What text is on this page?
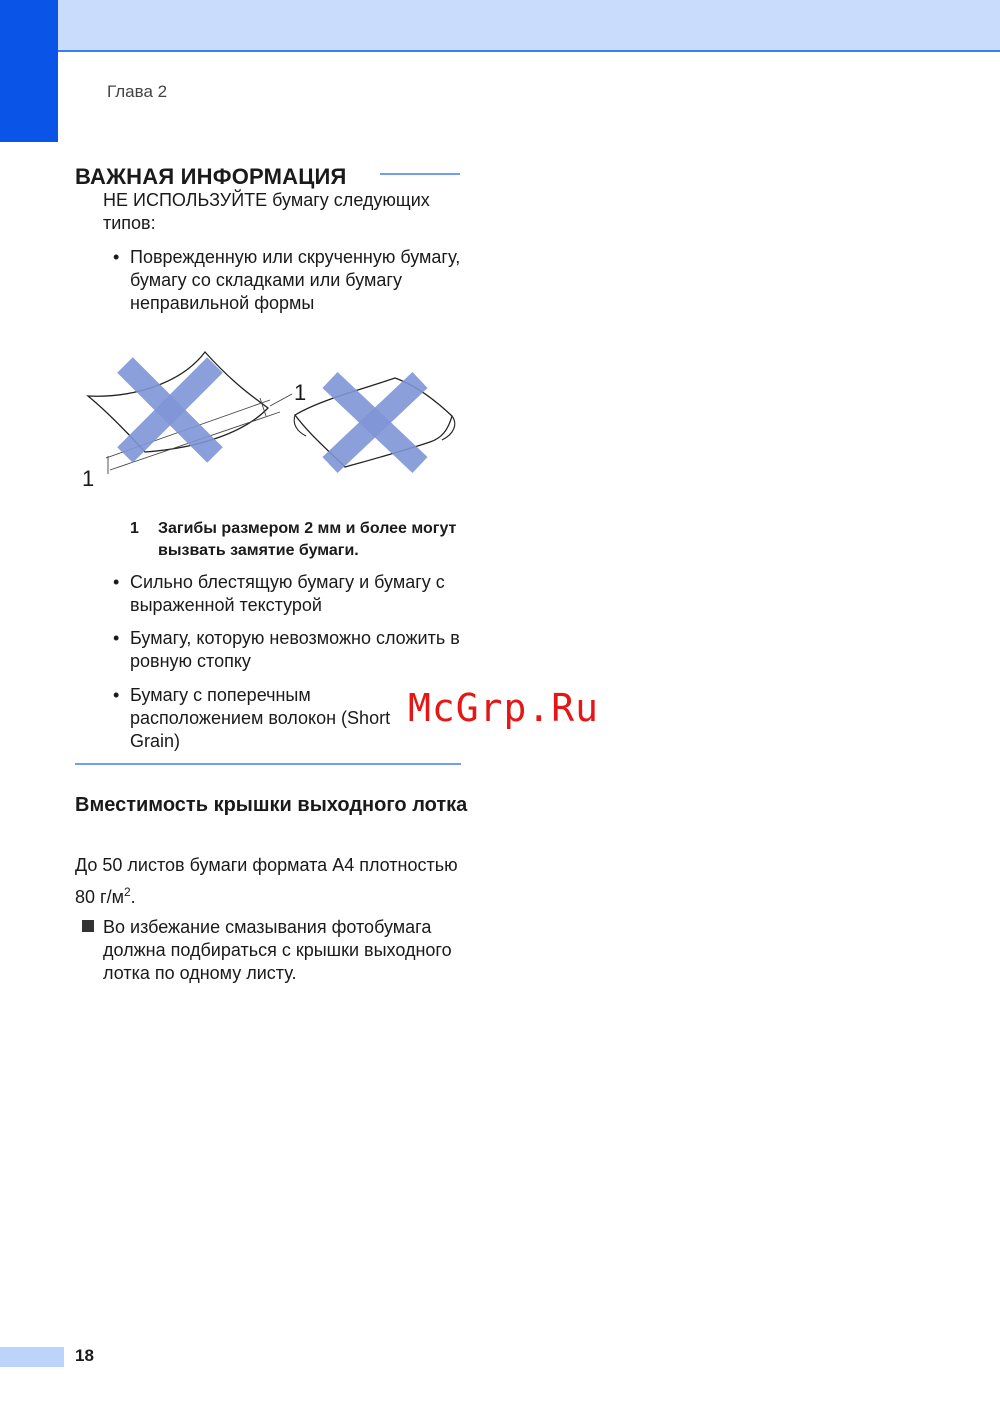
Глава 2
ВАЖНАЯ ИНФОРМАЦИЯ
НЕ ИСПОЛЬЗУЙТЕ бумагу следующих типов:
• Поврежденную или скрученную бумагу, бумагу со складками или бумагу неправильной формы
1
1
1 Загибы размером 2 мм и более могут вызвать замятие бумаги.
• Сильно блестящую бумагу и бумагу с выраженной текстурой
• Бумагу, которую невозможно сложить в ровную стопку
• Бумагу с поперечным расположением волокон (Short Grain)
Вместимость крышки выходного лотка
До 50 листов бумаги формата A4 плотностью 80 $г/м^2$.
Во избежание смазывания фотобумага должна подбираться с крышки выходного лотка по одному листу.
McGrp.Ru
18
